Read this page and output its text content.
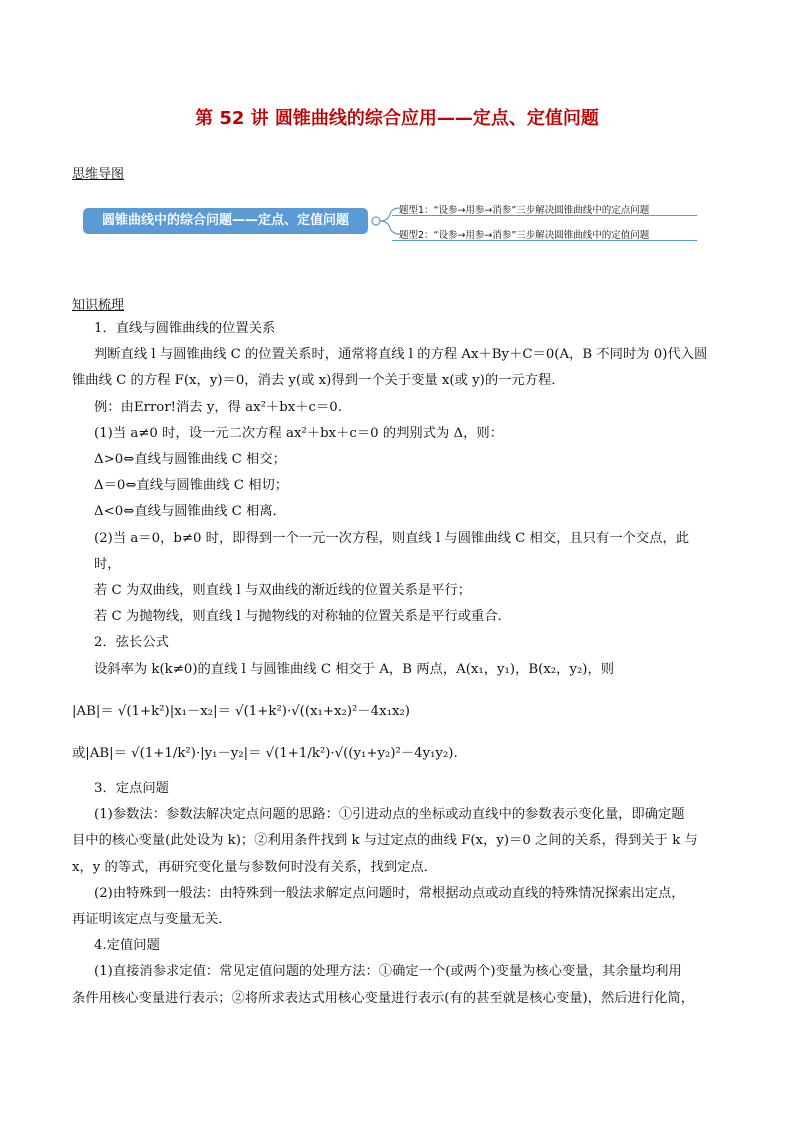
第 52 讲 圆锥曲线的综合应用——定点、定值问题
思维导图
圆锥曲线中的综合问题——定点、定值问题
题型1：“设参→用参→消参”三步解决圆锥曲线中的定点问题
题型2：“设参→用参→消参”三步解决圆锥曲线中的定值问题
知识梳理

1．直线与圆锥曲线的位置关系

判断直线 l 与圆锥曲线 C 的位置关系时，通常将直线 l 的方程 Ax＋By＋C＝0(A，B 不同时为 0)代入圆

锥曲线 C 的方程 F(x，y)＝0，消去 y(或 x)得到一个关于变量 x(或 y)的一元方程．

例：由Error!消去 y，得 ax²＋bx＋c＝0.

(1)当 a≠0 时，设一元二次方程 ax²＋bx＋c＝0 的判别式为 Δ，则：

Δ>0⇔直线与圆锥曲线 C 相交；

Δ＝0⇔直线与圆锥曲线 C 相切；

Δ<0⇔直线与圆锥曲线 C 相离．

(2)当 a＝0，b≠0 时，即得到一个一元一次方程，则直线 l 与圆锥曲线 C 相交，且只有一个交点，此

时，

若 C 为双曲线，则直线 l 与双曲线的渐近线的位置关系是平行；

若 C 为抛物线，则直线 l 与抛物线的对称轴的位置关系是平行或重合．

2．弦长公式

设斜率为 k(k≠0)的直线 l 与圆锥曲线 C 相交于 A，B 两点，A(x₁，y₁)，B(x₂，y₂)，则

|AB|＝ √(1+k²)|x₁－x₂|＝ √(1+k²)·√((x₁+x₂)²－4x₁x₂)
或|AB|＝ √(1+1/k²)·|y₁－y₂|＝ √(1+1/k²)·√((y₁+y₂)²－4y₁y₂).

3．定点问题

(1)参数法：参数法解决定点问题的思路：①引进动点的坐标或动直线中的参数表示变化量，即确定题

目中的核心变量(此处设为 k)；②利用条件找到 k 与过定点的曲线 F(x，y)＝0 之间的关系，得到关于 k 与

x，y 的等式，再研究变化量与参数何时没有关系，找到定点．

(2)由特殊到一般法：由特殊到一般法求解定点问题时，常根据动点或动直线的特殊情况探索出定点，

再证明该定点与变量无关．

4.定值问题

(1)直接消参求定值：常见定值问题的处理方法：①确定一个(或两个)变量为核心变量，其余量均利用

条件用核心变量进行表示；②将所求表达式用核心变量进行表示(有的甚至就是核心变量)，然后进行化简，
